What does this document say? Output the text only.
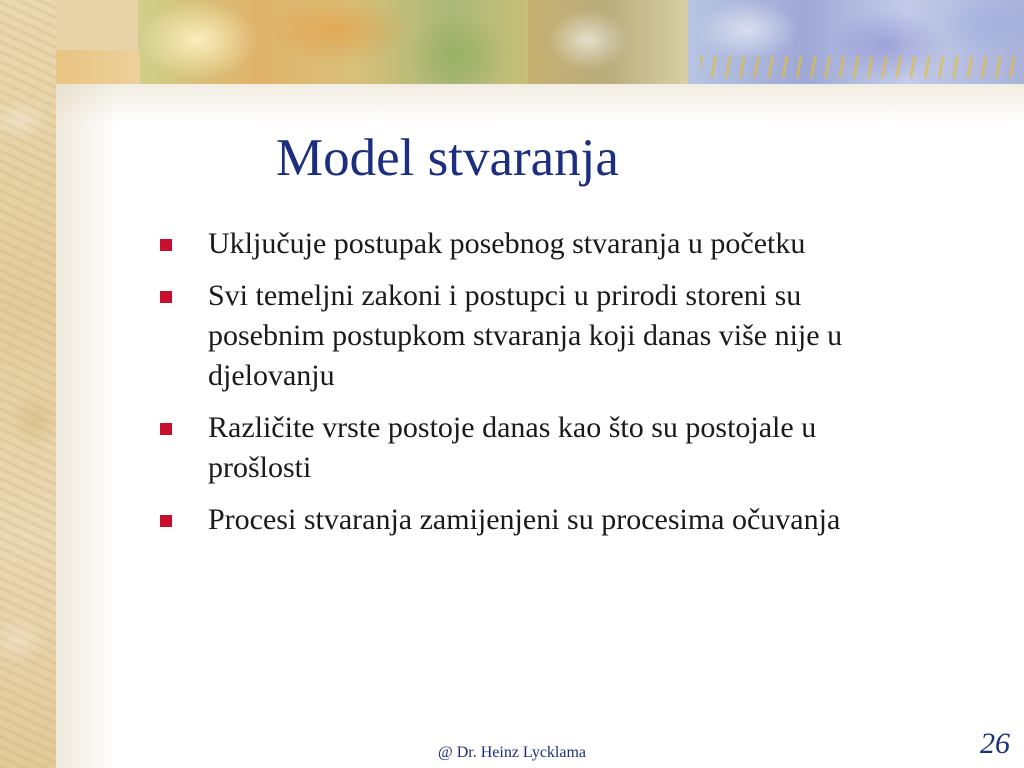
Model stvaranja
Uključuje postupak posebnog stvaranja u početku
Svi temeljni zakoni i postupci u prirodi storeni su posebnim postupkom stvaranja koji danas više nije u djelovanju
Različite vrste postoje danas kao što su postojale u prošlosti
Procesi stvaranja zamijenjeni su procesima očuvanja
@ Dr. Heinz Lycklama	26
